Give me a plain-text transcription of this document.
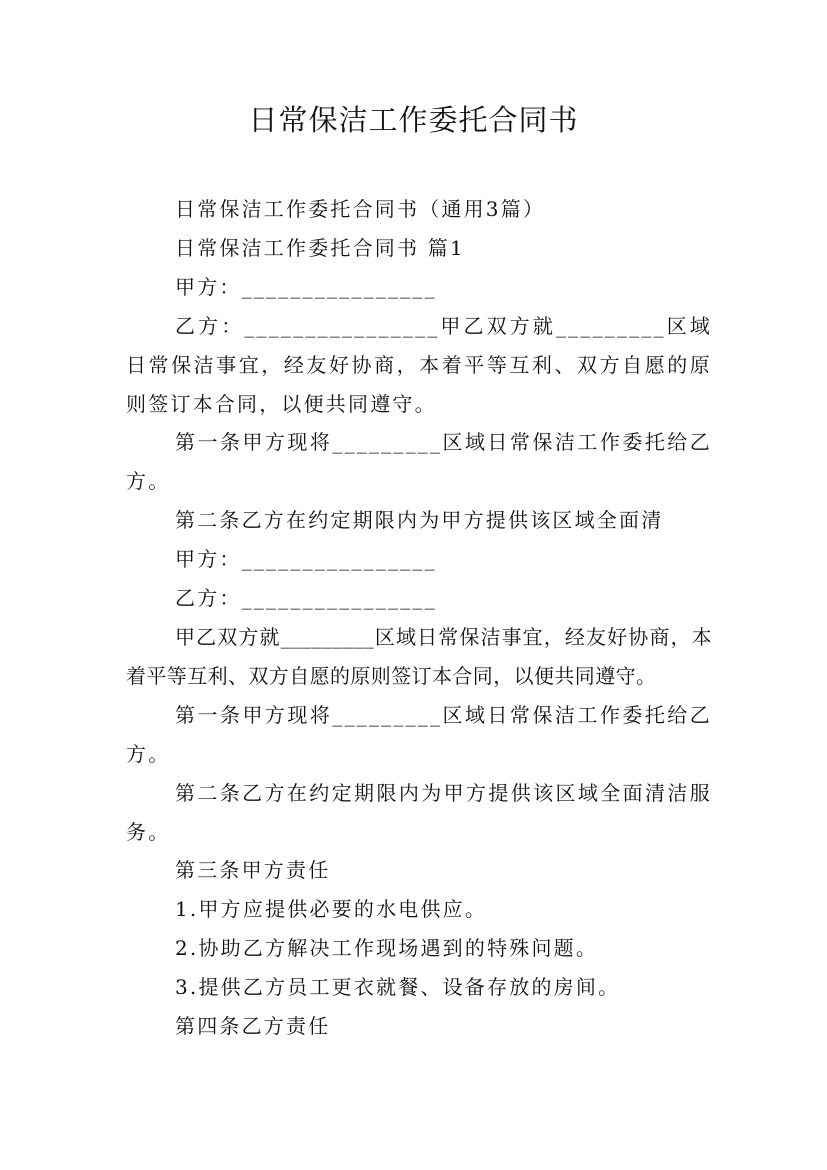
日常保洁工作委托合同书
日常保洁工作委托合同书（通用3篇）
日常保洁工作委托合同书 篇1
甲方：________________
乙方：________________甲乙双方就_________区域日常保洁事宜，经友好协商，本着平等互利、双方自愿的原则签订本合同，以便共同遵守。
第一条甲方现将_________区域日常保洁工作委托给乙方。
第二条乙方在约定期限内为甲方提供该区域全面清
甲方：________________
乙方：________________
甲乙双方就_________区域日常保洁事宜，经友好协商，本着平等互利、双方自愿的原则签订本合同，以便共同遵守。
第一条甲方现将_________区域日常保洁工作委托给乙方。
第二条乙方在约定期限内为甲方提供该区域全面清洁服务。
第三条甲方责任
1.甲方应提供必要的水电供应。
2.协助乙方解决工作现场遇到的特殊问题。
3.提供乙方员工更衣就餐、设备存放的房间。
第四条乙方责任
